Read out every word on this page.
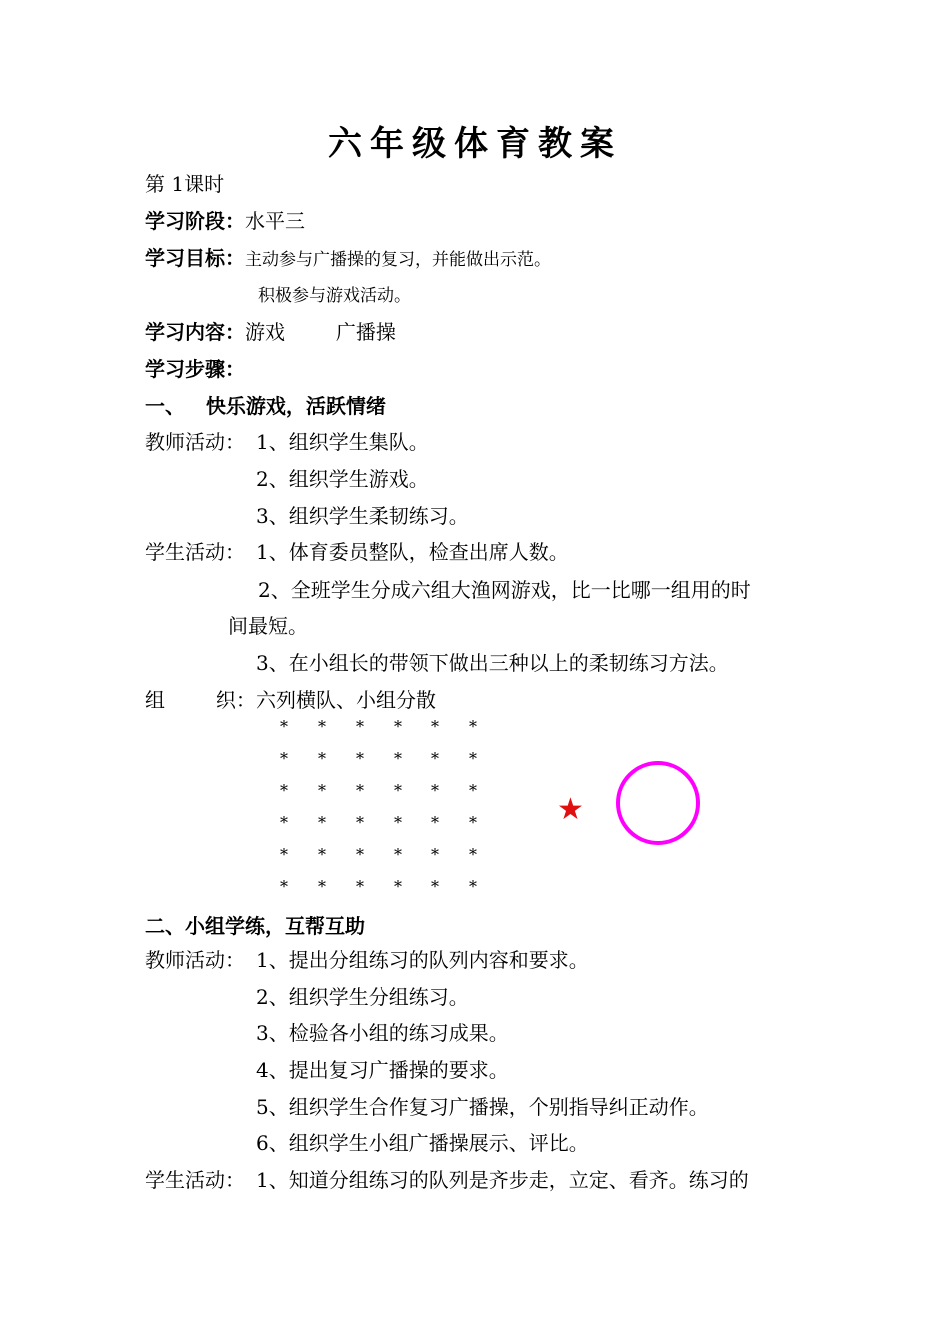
六年级体育教案
第 1课时
学习阶段：水平三
学习目标：主动参与广播操的复习，并能做出示范。
积极参与游戏活动。
学习内容：游戏        广播操
学习步骤：
一、   快乐游戏，活跃情绪
教师活动： 1、组织学生集队。
2、组织学生游戏。
3、组织学生柔韧练习。
学生活动： 1、体育委员整队，检查出席人数。
2、全班学生分成六组大渔网游戏，比一比哪一组用的时
间最短。
3、在小组长的带领下做出三种以上的柔韧练习方法。
组        织： 六列横队、小组分散
* * * * * *
* * * * * *
* * * * * *
* * * * * *
* * * * * *
* * * * * *
★
二、小组学练，互帮互助
教师活动： 1、提出分组练习的队列内容和要求。
2、组织学生分组练习。
3、检验各小组的练习成果。
4、提出复习广播操的要求。
5、组织学生合作复习广播操，个别指导纠正动作。
6、组织学生小组广播操展示、评比。
学生活动： 1、知道分组练习的队列是齐步走，立定、看齐。练习的
